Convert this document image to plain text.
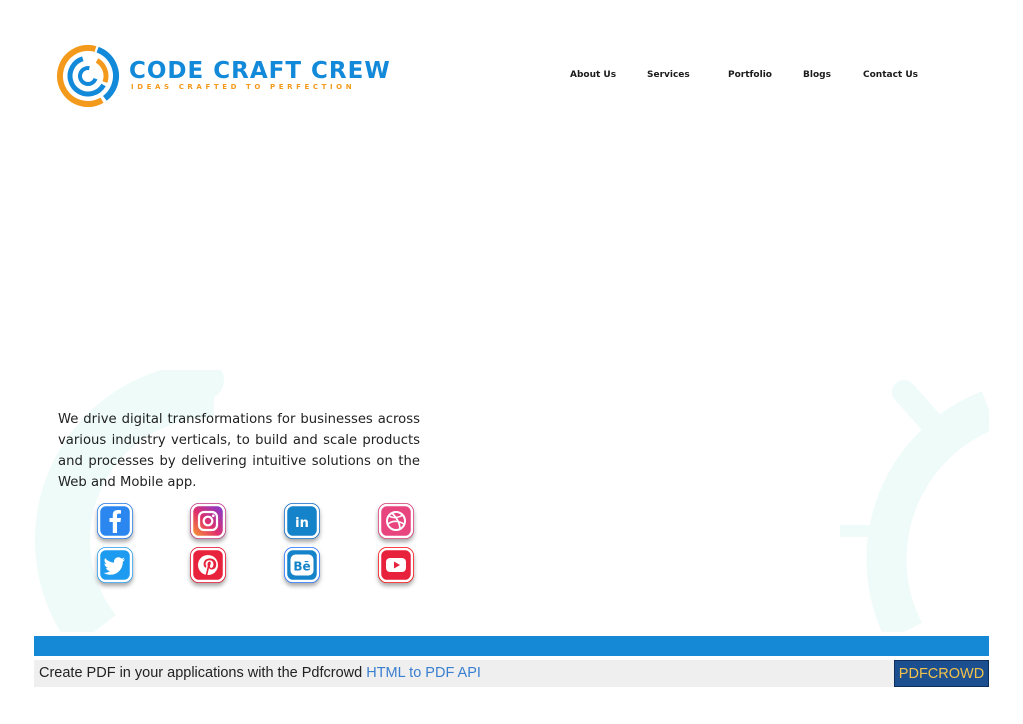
CODE CRAFT CREW
IDEAS CRAFTED TO PERFECTION
About Us	Services	Portfolio	Blogs	Contact Us

We drive digital transformations for businesses across various industry verticals, to build and scale products and processes by delivering intuitive solutions on the Web and Mobile app.

in
Bē
Create PDF in your applications with the Pdfcrowd HTML to PDF API	PDFCROWD
